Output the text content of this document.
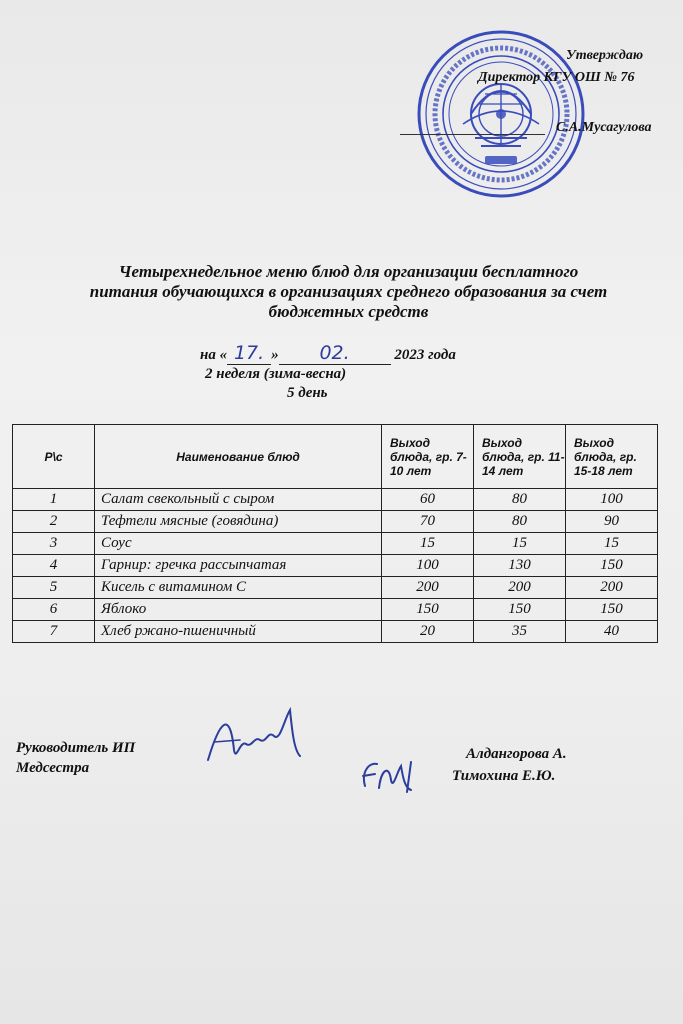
Утверждаю
Директор КГУ ОШ № 76
С.А.Мусагулова
Четырехнедельное меню блюд для организации бесплатного
питания обучающихся в организациях среднего образования за счет
бюджетных средств
на « 17. » 02.	2023 года
2 неделя (зима-весна)
5 день
Р\с	Наименование блюд	Выход блюда, гр. 7-10 лет	Выход блюда, гр. 11-14 лет	Выход блюда, гр. 15-18 лет
1	Салат свекольный с сыром	60	80	100
2	Тефтели мясные (говядина)	70	80	90
3	Соус	15	15	15
4	Гарнир: гречка рассыпчатая	100	130	150
5	Кисель с витамином С	200	200	200
6	Яблоко	150	150	150
7	Хлеб ржано-пшеничный	20	35	40
Руководитель ИП
Медсестра
Алдангорова А.
Тимохина Е.Ю.
